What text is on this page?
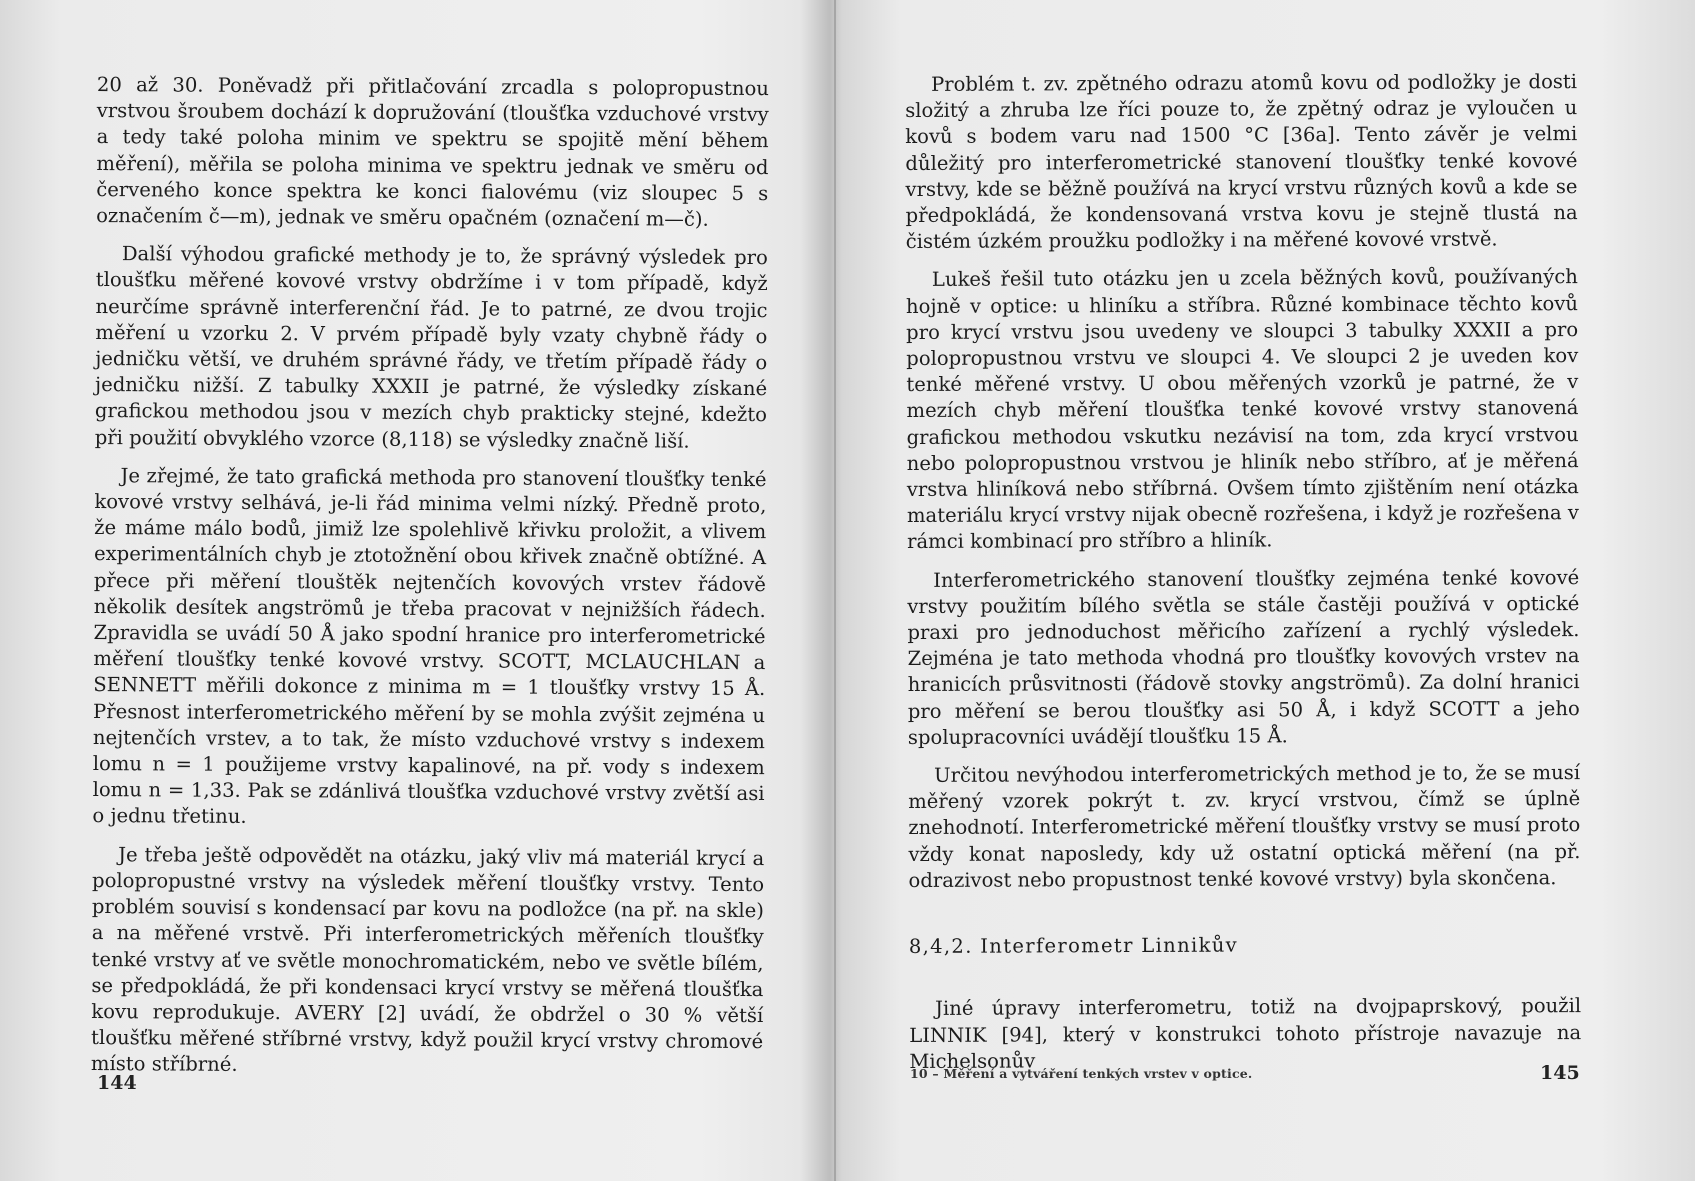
20 až 30. Poněvadž při přitlačování zrcadla s polopropustnou vrstvou šroubem dochází k dopružování (tloušťka vzduchové vrstvy a tedy také poloha minim ve spektru se spojitě mění během měření), měřila se poloha minima ve spektru jednak ve směru od červeného konce spektra ke konci fialovému (viz sloupec 5 s označením č—m), jednak ve směru opačném (označení m—č).

Další výhodou grafické methody je to, že správný výsledek pro tloušťku měřené kovové vrstvy obdržíme i v tom případě, když neurčíme správně interferenční řád. Je to patrné, ze dvou trojic měření u vzorku 2. V prvém případě byly vzaty chybně řády o jedničku větší, ve druhém správné řády, ve třetím případě řády o jedničku nižší. Z tabulky XXXII je patrné, že výsledky získané grafickou methodou jsou v mezích chyb prakticky stejné, kdežto při použití obvyklého vzorce (8,118) se výsledky značně liší.

Je zřejmé, že tato grafická methoda pro stanovení tloušťky tenké kovové vrstvy selhává, je-li řád minima velmi nízký. Předně proto, že máme málo bodů, jimiž lze spolehlivě křivku proložit, a vlivem experimentálních chyb je ztotožnění obou křivek značně obtížné. A přece při měření tlouštěk nejtenčích kovových vrstev řádově několik desítek angströmů je třeba pracovat v nejnižších řádech. Zpravidla se uvádí 50 Å jako spodní hranice pro interferometrické měření tloušťky tenké kovové vrstvy. SCOTT, MCLAUCHLAN a SENNETT měřili dokonce z minima m = 1 tloušťky vrstvy 15 Å. Přesnost interferometrického měření by se mohla zvýšit zejména u nejtenčích vrstev, a to tak, že místo vzduchové vrstvy s indexem lomu n = 1 použijeme vrstvy kapalinové, na př. vody s indexem lomu n = 1,33. Pak se zdánlivá tloušťka vzduchové vrstvy zvětší asi o jednu třetinu.

Je třeba ještě odpovědět na otázku, jaký vliv má materiál krycí a polopropustné vrstvy na výsledek měření tloušťky vrstvy. Tento problém souvisí s kondensací par kovu na podložce (na př. na skle) a na měřené vrstvě. Při interferometrických měřeních tloušťky tenké vrstvy ať ve světle monochromatickém, nebo ve světle bílém, se předpokládá, že při kondensaci krycí vrstvy se měřená tloušťka kovu reprodukuje. AVERY [2] uvádí, že obdržel o 30 % větší tloušťku měřené stříbrné vrstvy, když použil krycí vrstvy chromové místo stříbrné.

144

Problém t. zv. zpětného odrazu atomů kovu od podložky je dosti složitý a zhruba lze říci pouze to, že zpětný odraz je vyloučen u kovů s bodem varu nad 1500 °C [36a]. Tento závěr je velmi důležitý pro interferometrické stanovení tloušťky tenké kovové vrstvy, kde se běžně používá na krycí vrstvu různých kovů a kde se předpokládá, že kondensovaná vrstva kovu je stejně tlustá na čistém úzkém proužku podložky i na měřené kovové vrstvě.

Lukeš řešil tuto otázku jen u zcela běžných kovů, používaných hojně v optice: u hliníku a stříbra. Různé kombinace těchto kovů pro krycí vrstvu jsou uvedeny ve sloupci 3 tabulky XXXII a pro polopropustnou vrstvu ve sloupci 4. Ve sloupci 2 je uveden kov tenké měřené vrstvy. U obou měřených vzorků je patrné, že v mezích chyb měření tloušťka tenké kovové vrstvy stanovená grafickou methodou vskutku nezávisí na tom, zda krycí vrstvou nebo polopropustnou vrstvou je hliník nebo stříbro, ať je měřená vrstva hliníková nebo stříbrná. Ovšem tímto zjištěním není otázka materiálu krycí vrstvy nijak obecně rozřešena, i když je rozřešena v rámci kombinací pro stříbro a hliník.

Interferometrického stanovení tloušťky zejména tenké kovové vrstvy použitím bílého světla se stále častěji používá v optické praxi pro jednoduchost měřicího zařízení a rychlý výsledek. Zejména je tato methoda vhodná pro tloušťky kovových vrstev na hranicích průsvitnosti (řádově stovky angströmů). Za dolní hranici pro měření se berou tloušťky asi 50 Å, i když SCOTT a jeho spolupracovníci uvádějí tloušťku 15 Å.

Určitou nevýhodou interferometrických method je to, že se musí měřený vzorek pokrýt t. zv. krycí vrstvou, čímž se úplně znehodnotí. Interferometrické měření tloušťky vrstvy se musí proto vždy konat naposledy, kdy už ostatní optická měření (na př. odrazivost nebo propustnost tenké kovové vrstvy) byla skončena.

8,4,2. Interferometr Linnikův

Jiné úpravy interferometru, totiž na dvojpaprskový, použil LINNIK [94], který v konstrukci tohoto přístroje navazuje na Michelsonův

10 – Měření a vytváření tenkých vrstev v optice.	145
